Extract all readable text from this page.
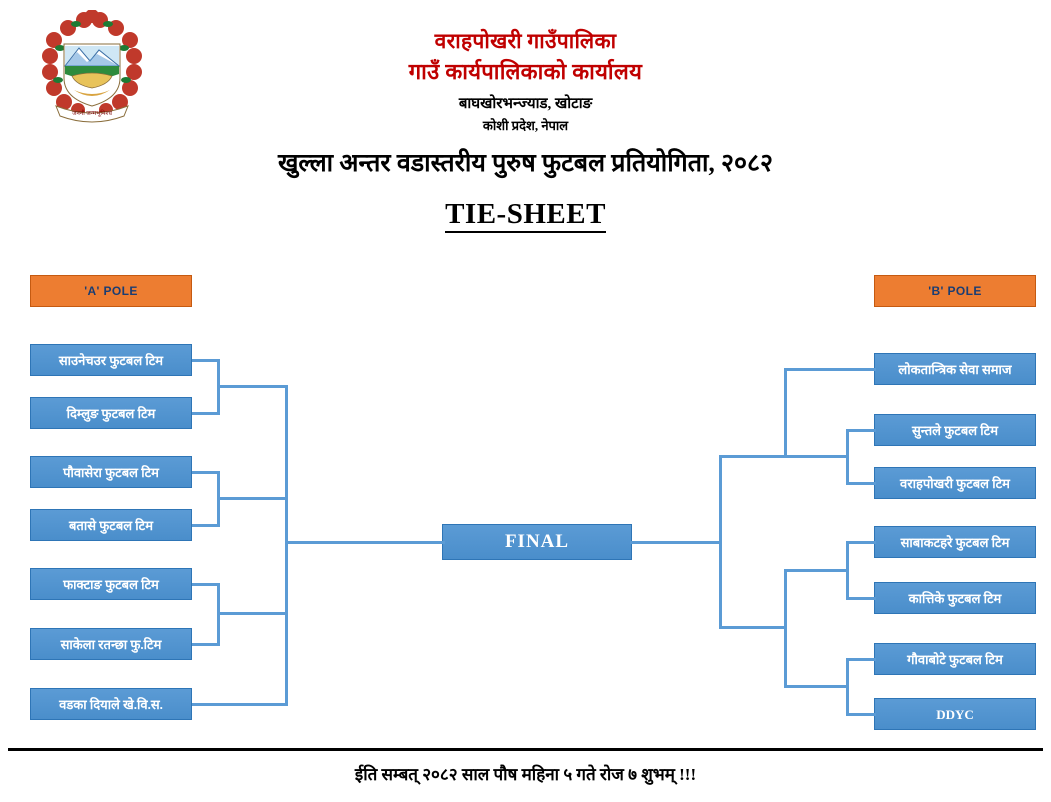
जननी जन्मभूमिश्च
वराहपोखरी गाउँपालिका
गाउँ कार्यपालिकाको कार्यालय
बाघखोरभन्ज्याड, खोटाङ
कोशी प्रदेश, नेपाल
खुल्ला अन्तर वडास्तरीय पुरुष फुटबल प्रतियोगिता, २०८२
TIE-SHEET
'A' POLE	'B' POLE
साउनेचउर फुटबल टिम
दिम्लुङ फुटबल टिम
पौवासेरा फुटबल टिम
बतासे फुटबल टिम
फाक्टाङ फुटबल टिम
साकेला रतन्छा फु.टिम
वडका दियाले खे.वि.स.
लोकतान्त्रिक सेवा समाज
सुन्तले फुटबल टिम
वराहपोखरी फुटबल टिम
साबाकटहरे फुटबल टिम
कात्तिके फुटबल टिम
गौवाबोटे फुटबल टिम
DDYC
FINAL
ईति सम्बत् २०८२ साल पौष महिना ५ गते रोज ७ शुभम् !!!
